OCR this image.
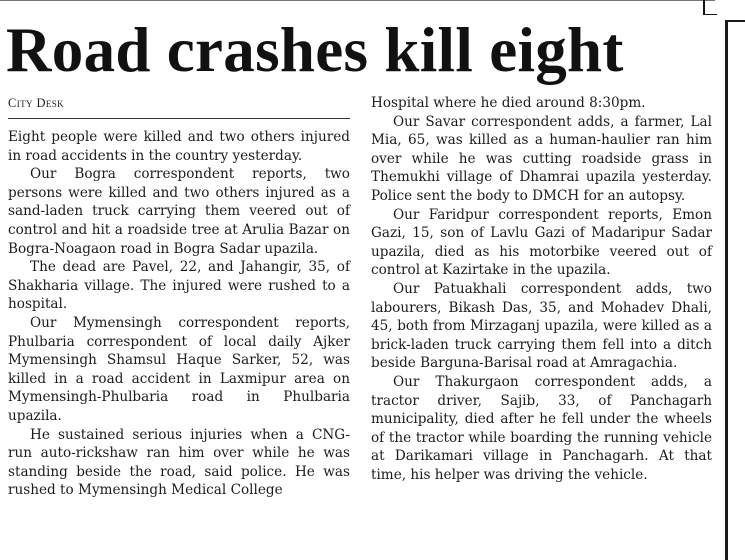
Road crashes kill eight
City Desk

Eight people were killed and two others injured in road accidents in the country yesterday.

Our Bogra correspondent reports, two persons were killed and two others injured as a sand-laden truck carrying them veered out of control and hit a roadside tree at Arulia Bazar on Bogra-Noagaon road in Bogra Sadar upazila.

The dead are Pavel, 22, and Jahangir, 35, of Shakharia village. The injured were rushed to a hospital.

Our Mymensingh correspondent reports, Phulbaria correspondent of local daily Ajker Mymensingh Shamsul Haque Sarker, 52, was killed in a road accident in Laxmipur area on Mymensingh-Phulbaria road in Phulbaria upazila.

He sustained serious injuries when a CNG-run auto-rickshaw ran him over while he was standing beside the road, said police. He was rushed to Mymensingh Medical College

Hospital where he died around 8:30pm.

Our Savar correspondent adds, a farmer, Lal Mia, 65, was killed as a human-haulier ran him over while he was cutting roadside grass in Themukhi village of Dhamrai upazila yesterday. Police sent the body to DMCH for an autopsy.

Our Faridpur correspondent reports, Emon Gazi, 15, son of Lavlu Gazi of Madaripur Sadar upazila, died as his motorbike veered out of control at Kazirtake in the upazila.

Our Patuakhali correspondent adds, two labourers, Bikash Das, 35, and Mohadev Dhali, 45, both from Mirzaganj upazila, were killed as a brick-laden truck carrying them fell into a ditch beside Barguna-Barisal road at Amragachia.

Our Thakurgaon correspondent adds, a tractor driver, Sajib, 33, of Panchagarh municipality, died after he fell under the wheels of the tractor while boarding the running vehicle at Darikamari village in Panchagarh. At that time, his helper was driving the vehicle.
